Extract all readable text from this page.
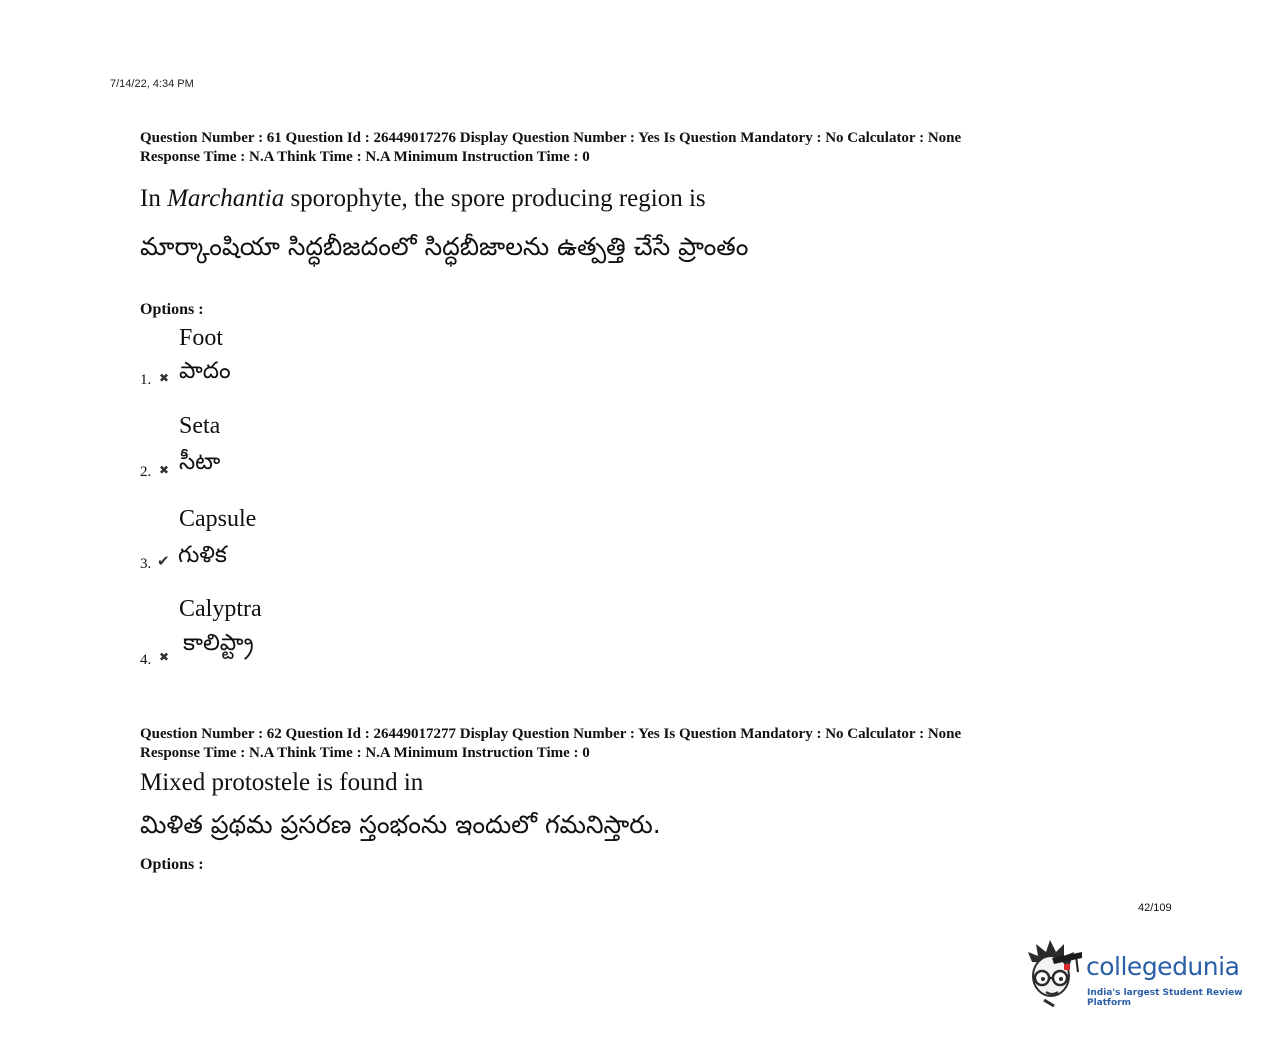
7/14/22, 4:34 PM
Question Number : 61 Question Id : 26449017276 Display Question Number : Yes Is Question Mandatory : No Calculator : None
Response Time : N.A Think Time : N.A Minimum Instruction Time : 0
In Marchantia sporophyte, the spore producing region is
మార్కాంషియా సిద్ధబీజదంలో సిద్ధబీజాలను ఉత్పత్తి చేసే ప్రాంతం
Options :
Foot
1. ✖ పాదం
Seta
2. ✖ సీటా
Capsule
3. ✔ గుళిక
Calyptra
4. ✖
కాలిప్ట్రా
Question Number : 62 Question Id : 26449017277 Display Question Number : Yes Is Question Mandatory : No Calculator : None
Response Time : N.A Think Time : N.A Minimum Instruction Time : 0
Mixed protostele is found in
మిళిత ప్రథమ ప్రసరణ స్తంభంను ఇందులో గమనిస్తారు.
Options :
42/109
collegedunia
India's largest Student Review Platform
